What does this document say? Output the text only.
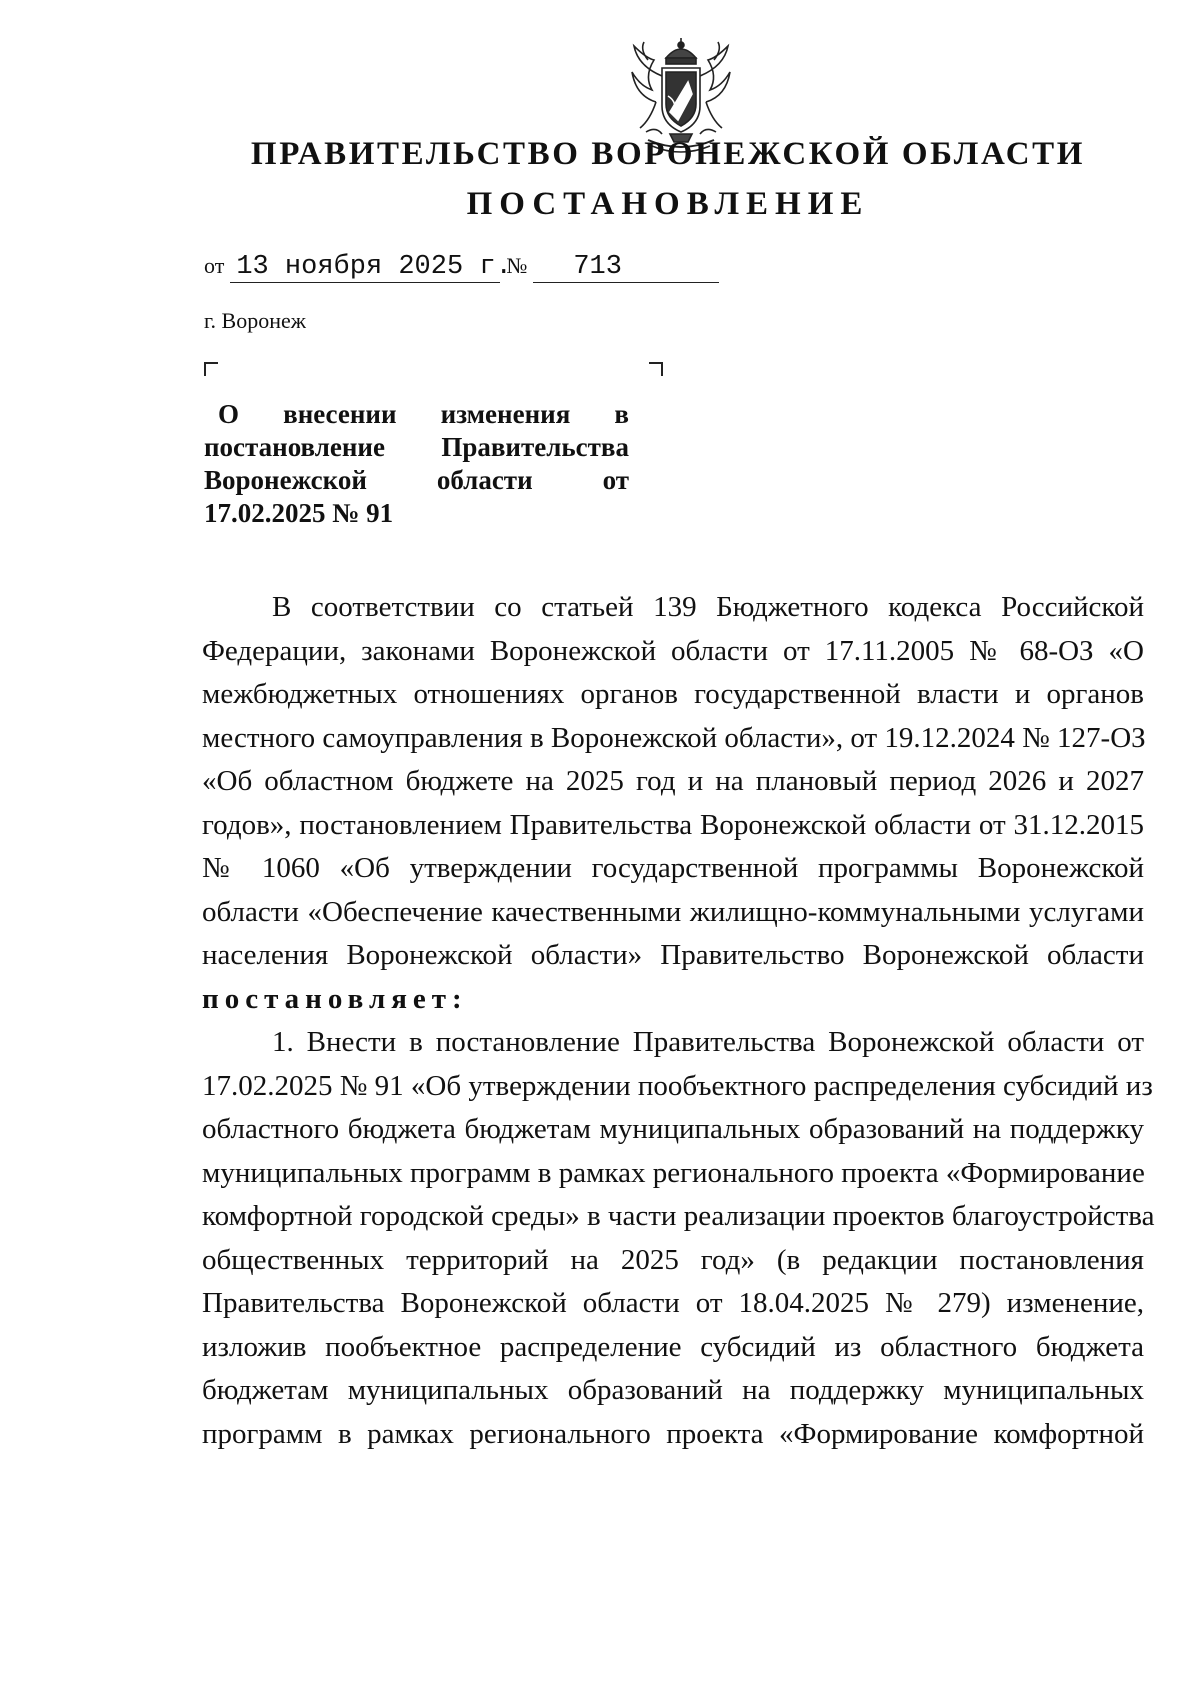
ПРАВИТЕЛЬСТВО ВОРОНЕЖСКОЙ ОБЛАСТИ
ПОСТАНОВЛЕНИЕ
от 13 ноября 2025 г. № 713
г. Воронеж
О внесении изменения в
постановление Правительства
Воронежской области от
17.02.2025 № 91
В соответствии со статьей 139 Бюджетного кодекса Российской
Федерации, законами Воронежской области от 17.11.2005 № 68-ОЗ «О
межбюджетных отношениях органов государственной власти и органов
местного самоуправления в Воронежской области», от 19.12.2024 № 127-ОЗ
«Об областном бюджете на 2025 год и на плановый период 2026 и 2027
годов», постановлением Правительства Воронежской области от 31.12.2015
№ 1060 «Об утверждении государственной программы Воронежской
области «Обеспечение качественными жилищно-коммунальными услугами
населения Воронежской области» Правительство Воронежской области
постановляет:
1. Внести в постановление Правительства Воронежской области от
17.02.2025 № 91 «Об утверждении пообъектного распределения субсидий из
областного бюджета бюджетам муниципальных образований на поддержку
муниципальных программ в рамках регионального проекта «Формирование
комфортной городской среды» в части реализации проектов благоустройства
общественных территорий на 2025 год» (в редакции постановления
Правительства Воронежской области от 18.04.2025 № 279) изменение,
изложив пообъектное распределение субсидий из областного бюджета
бюджетам муниципальных образований на поддержку муниципальных
программ в рамках регионального проекта «Формирование комфортной
